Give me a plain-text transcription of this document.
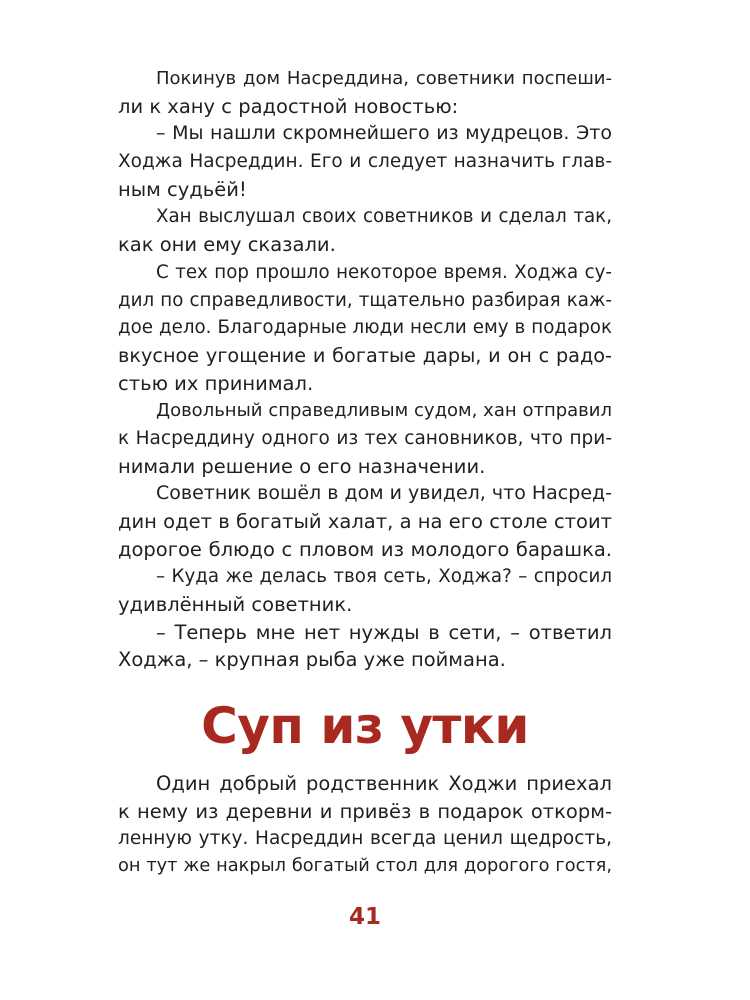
Покинув дом Насреддина, советники поспеши-
ли к хану с радостной новостью:
– Мы нашли скромнейшего из мудрецов. Это
Ходжа Насреддин. Его и следует назначить глав-
ным судьёй!
Хан выслушал своих советников и сделал так,
как они ему сказали.
С тех пор прошло некоторое время. Ходжа су-
дил по справедливости, тщательно разбирая каж-
дое дело. Благодарные люди несли ему в подарок
вкусное угощение и богатые дары, и он с радо-
стью их принимал.
Довольный справедливым судом, хан отправил
к Насреддину одного из тех сановников, что при-
нимали решение о его назначении.
Советник вошёл в дом и увидел, что Насред-
дин одет в богатый халат, а на его столе стоит
дорогое блюдо с пловом из молодого барашка.
– Куда же делась твоя сеть, Ходжа? – спросил
удивлённый советник.
– Теперь мне нет нужды в сети, – ответил
Ходжа, – крупная рыба уже поймана.
Суп из утки
Один добрый родственник Ходжи приехал
к нему из деревни и привёз в подарок откорм-
ленную утку. Насреддин всегда ценил щедрость,
он тут же накрыл богатый стол для дорогого гостя,
41
